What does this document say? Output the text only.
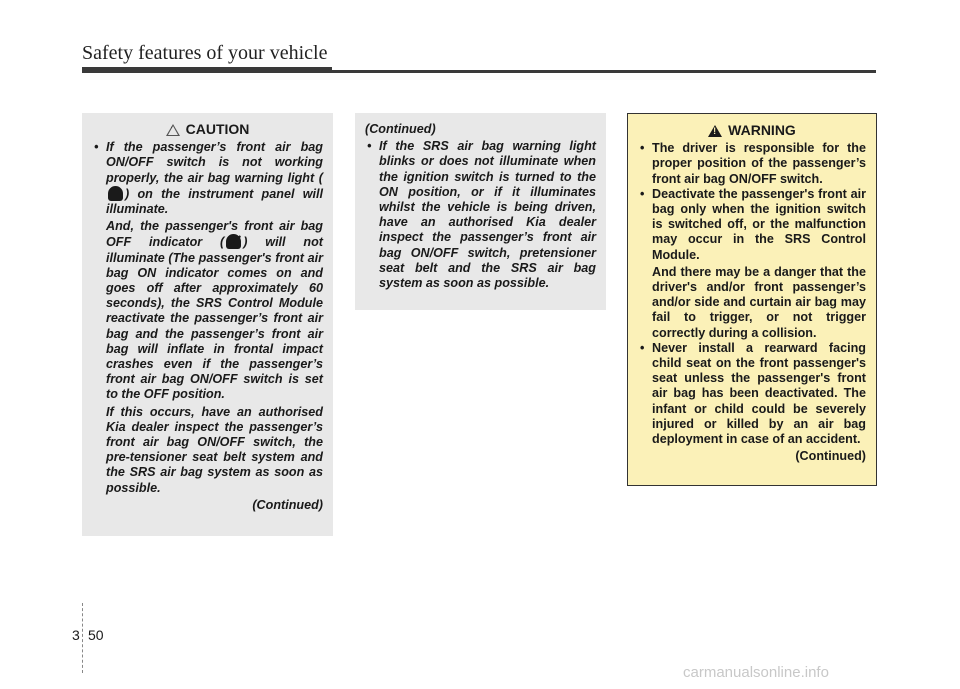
Safety features of your vehicle
! CAUTION
• If the passenger’s front air bag ON/OFF switch is not working properly, the air bag warning light () on the instrument panel will illuminate.

And, the passenger's front air bag OFF indicator ( ) will not illuminate (The passenger's front air bag ON indicator comes on and goes off after approximately 60 seconds), the SRS Control Module reactivate the passenger’s front air bag and the passenger’s front air bag will inflate in frontal impact crashes even if the passenger’s front air bag ON/OFF switch is set to the OFF position.

If this occurs, have an authorised Kia dealer inspect the passenger’s front air bag ON/OFF switch, the pre-tensioner seat belt system and the SRS air bag system as soon as possible.

(Continued)

(Continued)
• If the SRS air bag warning light blinks or does not illuminate when the ignition switch is turned to the ON position, or if it illuminates whilst the vehicle is being driven, have an authorised Kia dealer inspect the passenger’s front air bag ON/OFF switch, pretensioner seat belt and the SRS air bag system as soon as possible.
! WARNING
• The driver is responsible for the proper position of the passenger’s front air bag ON/OFF switch.
• Deactivate the passenger's front air bag only when the ignition switch is switched off, or the malfunction may occur in the SRS Control Module.

And there may be a danger that the driver's and/or front passenger’s and/or side and curtain air bag may fail to trigger, or not trigger correctly during a collision.

• Never install a rearward facing child seat on the front passenger's seat unless the passenger's front air bag has been deactivated. The infant or child could be severely injured or killed by an air bag deployment in case of an accident.

(Continued)

3 50
carmanualsonline.info
